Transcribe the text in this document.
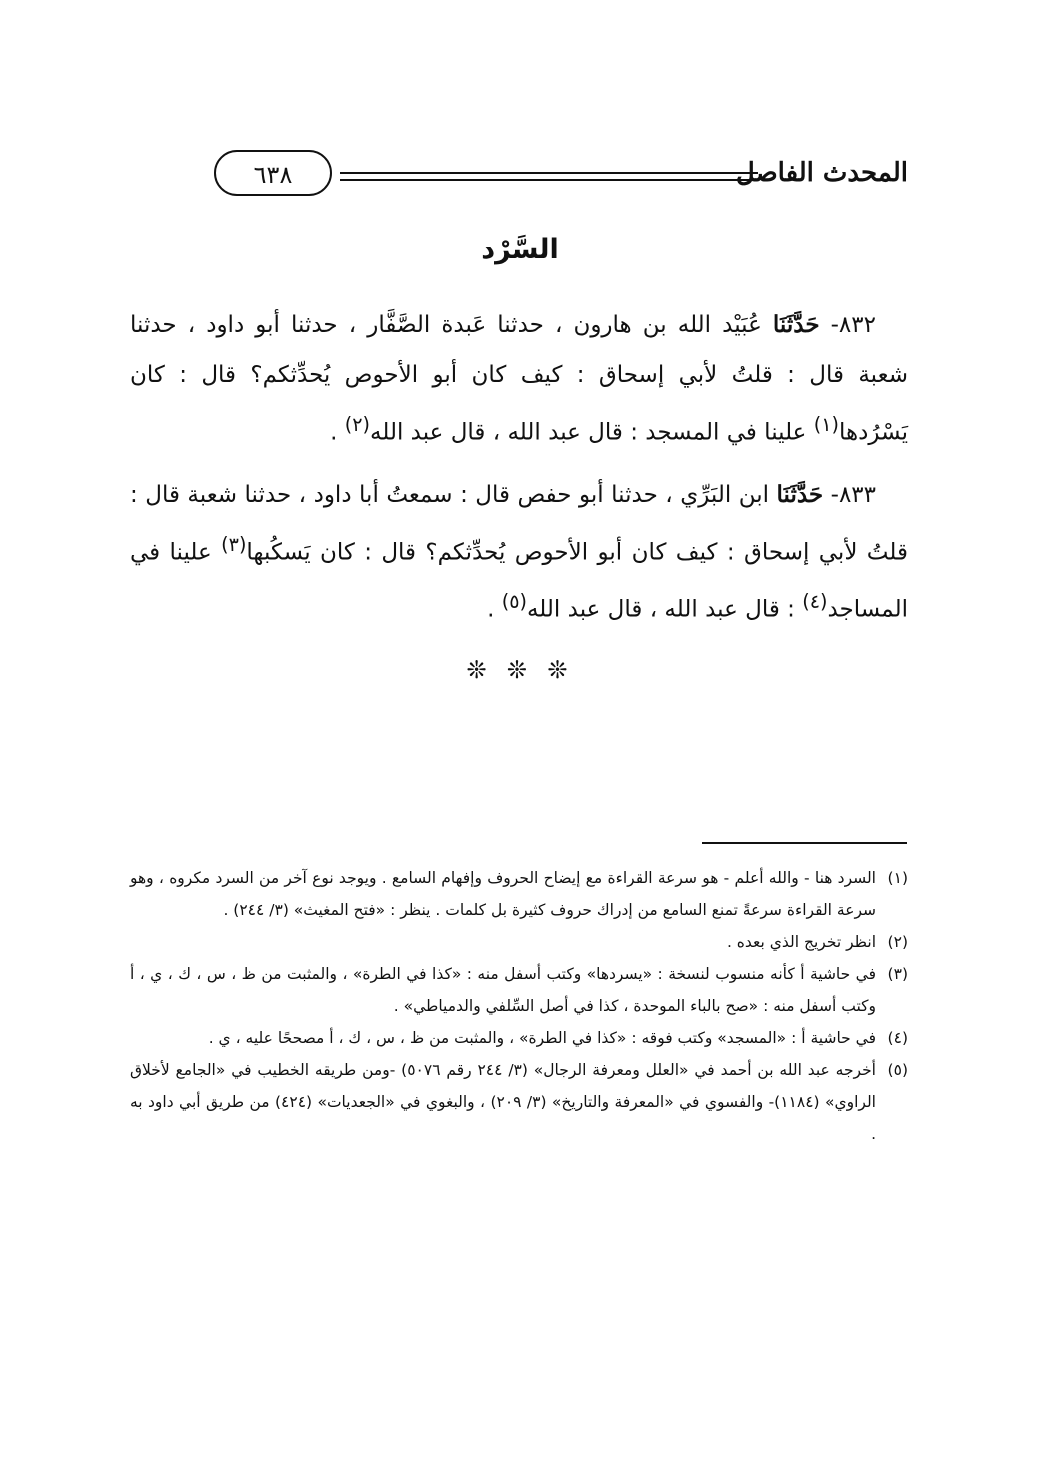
المحدث الفاصل
٦٣٨
السَّرْد

٨٣٢- حَدَّثَنَا عُبَيْد الله بن هارون ، حدثنا عَبدة الصَّفَّار ، حدثنا أبو داود ، حدثنا شعبة قال : قلتُ لأبي إسحاق : كيف كان أبو الأحوص يُحدِّثكم؟ قال : كان يَسْرُدها$^{(١)}$ علينا في المسجد : قال عبد الله ، قال عبد الله$^{(٢)}$ .

٨٣٣- حَدَّثَنَا ابن البَرِّي ، حدثنا أبو حفص قال : سمعتُ أبا داود ، حدثنا شعبة قال : قلتُ لأبي إسحاق : كيف كان أبو الأحوص يُحدِّثكم؟ قال : كان يَسكُبها$^{(٣)}$ علينا في المساجد$^{(٤)}$ : قال عبد الله ، قال عبد الله$^{(٥)}$ .

❊ ❊ ❊
(١)
السرد هنا - والله أعلم - هو سرعة القراءة مع إيضاح الحروف وإفهام السامع . ويوجد نوع آخر من السرد مكروه ، وهو سرعة القراءة سرعةً تمنع السامع من إدراك حروف كثيرة بل كلمات . ينظر : «فتح المغيث» (٣/ ٢٤٤) .
(٢)
انظر تخريج الذي بعده .
(٣)
في حاشية أ كأنه منسوب لنسخة : «يسردها» وكتب أسفل منه : «كذا في الطرة» ، والمثبت من ظ ، س ، ك ، ي ، أ وكتب أسفل منه : «صح بالباء الموحدة ، كذا في أصل السِّلفي والدمياطي» .
(٤)
في حاشية أ : «المسجد» وكتب فوقه : «كذا في الطرة» ، والمثبت من ظ ، س ، ك ، أ مصححًا عليه ، ي .
(٥)
أخرجه عبد الله بن أحمد في «العلل ومعرفة الرجال» (٣/ ٢٤٤ رقم ٥٠٧٦) -ومن طريقه الخطيب في «الجامع لأخلاق الراوي» (١١٨٤)- والفسوي في «المعرفة والتاريخ» (٣/ ٢٠٩) ، والبغوي في «الجعديات» (٤٢٤) من طريق أبي داود به .
